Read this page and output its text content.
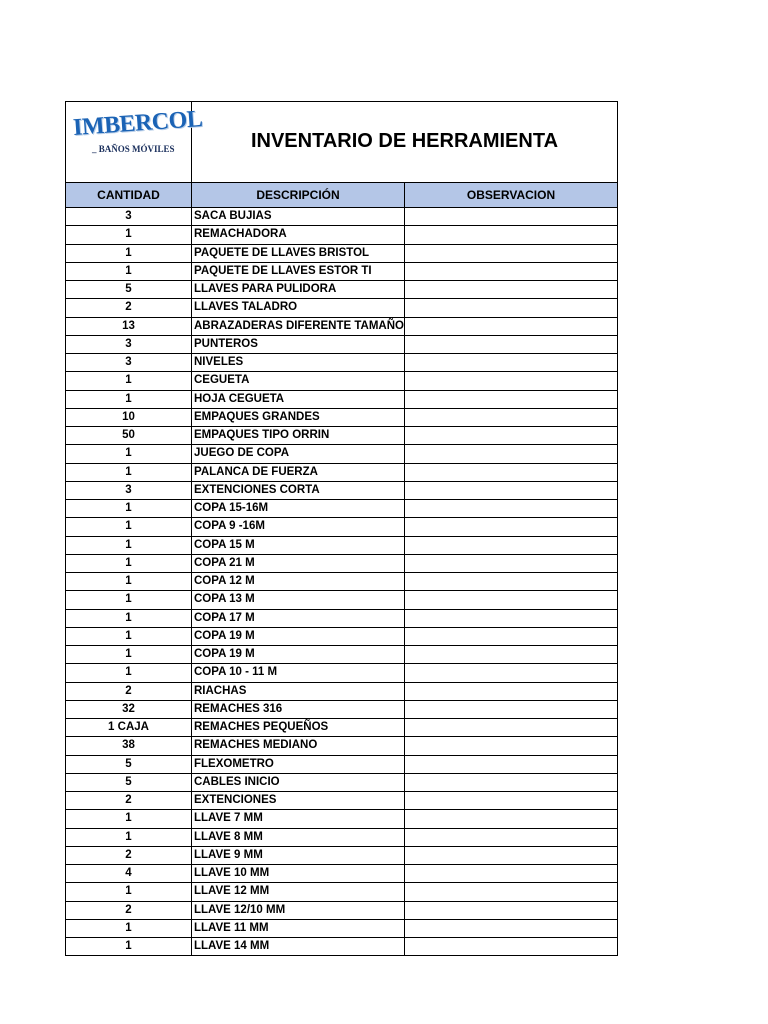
IMBERCOL
_ BAÑOS MÓVILES	INVENTARIO DE HERRAMIENTA	
CANTIDAD	DESCRIPCIÓN	OBSERVACION
3	SACA BUJIAS	
1	REMACHADORA	
1	PAQUETE DE LLAVES BRISTOL	
1	PAQUETE DE LLAVES ESTOR TI	
5	LLAVES PARA PULIDORA	
2	LLAVES TALADRO	
13	ABRAZADERAS DIFERENTE TAMAÑO	
3	PUNTEROS	
3	NIVELES	
1	CEGUETA	
1	HOJA CEGUETA	
10	EMPAQUES GRANDES	
50	EMPAQUES TIPO ORRIN	
1	JUEGO DE COPA	
1	PALANCA DE FUERZA	
3	EXTENCIONES CORTA	
1	COPA 15-16M	
1	COPA 9 -16M	
1	COPA 15 M	
1	COPA 21 M	
1	COPA 12 M	
1	COPA 13 M	
1	COPA 17 M	
1	COPA 19 M	
1	COPA 19 M	
1	COPA 10 - 11 M	
2	RIACHAS	
32	REMACHES 316	
1 CAJA	REMACHES PEQUEÑOS	
38	REMACHES MEDIANO	
5	FLEXOMETRO	
5	CABLES INICIO	
2	EXTENCIONES	
1	LLAVE 7 MM	
1	LLAVE 8 MM	
2	LLAVE 9 MM	
4	LLAVE 10 MM	
1	LLAVE 12 MM	
2	LLAVE 12/10 MM	
1	LLAVE 11 MM	
1	LLAVE 14 MM	
